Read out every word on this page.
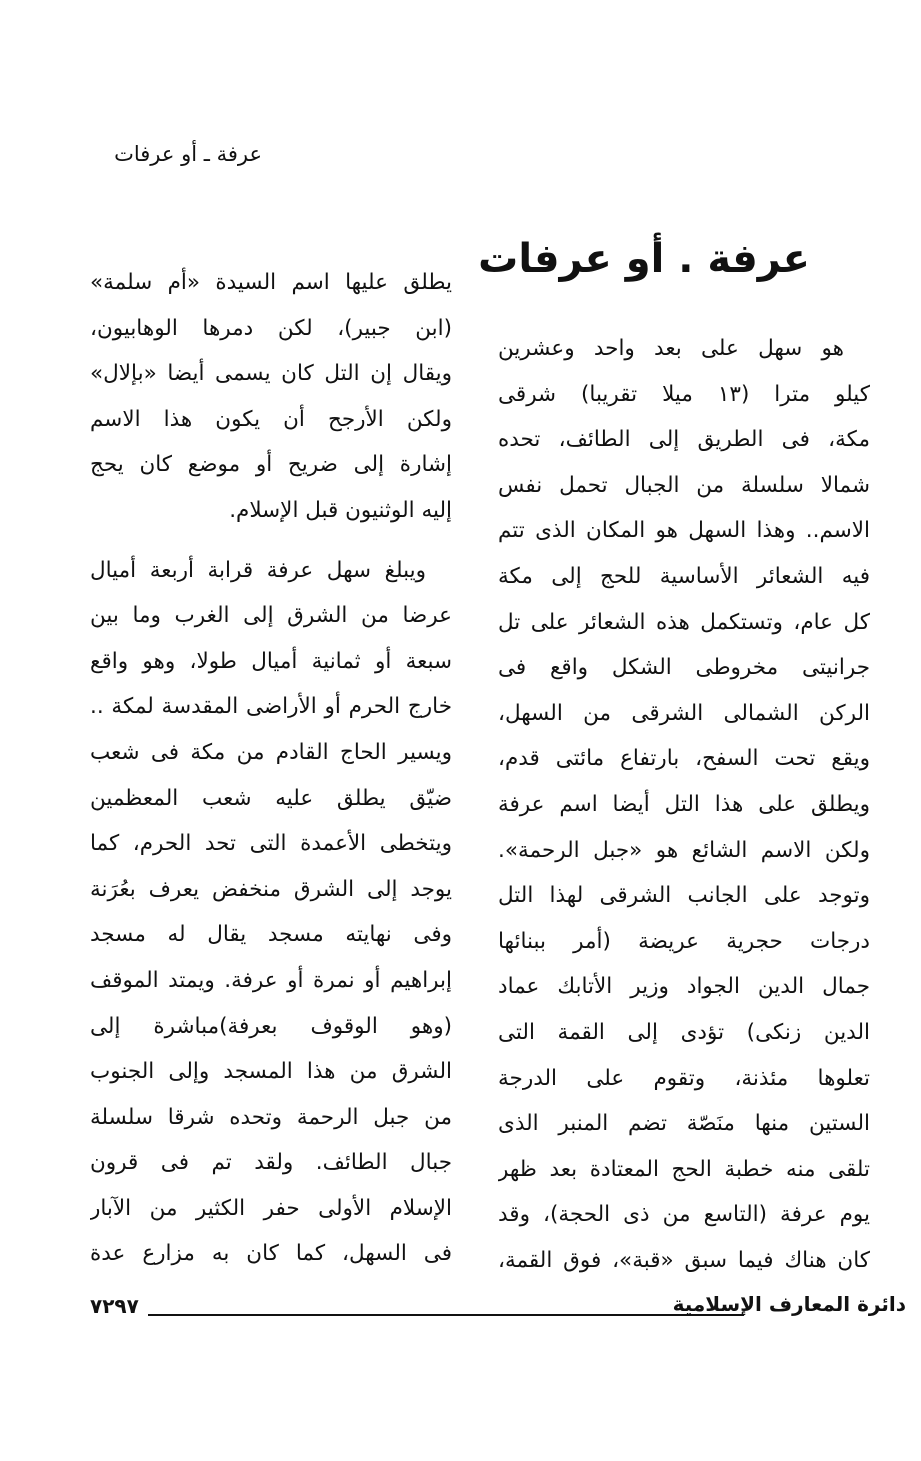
عرفة ـ أو عرفات
عرفة . أو عرفات
هو سهل على بعد واحد وعشرين
كيلو مترا (١٣ ميلا تقريبا) شرقى
مكة، فى الطريق إلى الطائف، تحده
شمالا سلسلة من الجبال تحمل نفس
الاسم.. وهذا السهل هو المكان الذى تتم
فيه الشعائر الأساسية للحج إلى مكة
كل عام، وتستكمل هذه الشعائر على تل
جرانيتى مخروطى الشكل واقع فى
الركن الشمالى الشرقى من السهل،
ويقع تحت السفح، بارتفاع مائتى قدم،
ويطلق على هذا التل أيضا اسم عرفة
ولكن الاسم الشائع هو «جبل الرحمة».
وتوجد على الجانب الشرقى لهذا التل
درجات حجرية عريضة (أمر ببنائها
جمال الدين الجواد وزير الأتابك عماد
الدين زنكى) تؤدى إلى القمة التى
تعلوها مئذنة، وتقوم على الدرجة
الستين منها منَصّة تضم المنبر الذى
تلقى منه خطبة الحج المعتادة بعد ظهر
يوم عرفة (التاسع من ذى الحجة)، وقد
كان هناك فيما سبق «قبة»، فوق القمة،
يطلق عليها اسم السيدة «أم سلمة»
(ابن جبير)، لكن دمرها الوهابيون،
ويقال إن التل كان يسمى أيضا «بإلال»
ولكن الأرجح أن يكون هذا الاسم
إشارة إلى ضريح أو موضع كان يحج
إليه الوثنيون قبل الإسلام.
ويبلغ سهل عرفة قرابة أربعة أميال
عرضا من الشرق إلى الغرب وما بين
سبعة أو ثمانية أميال طولا، وهو واقع
خارج الحرم أو الأراضى المقدسة لمكة ..
ويسير الحاج القادم من مكة فى شعب
ضيّق يطلق عليه شعب المعظمين
ويتخطى الأعمدة التى تحد الحرم، كما
يوجد إلى الشرق منخفض يعرف بعُرَنة
وفى نهايته مسجد يقال له مسجد
إبراهيم أو نمرة أو عرفة. ويمتد الموقف
(وهو الوقوف بعرفة)مباشرة إلى
الشرق من هذا المسجد وإلى الجنوب
من جبل الرحمة وتحده شرقا سلسلة
جبال الطائف. ولقد تم فى قرون
الإسلام الأولى حفر الكثير من الآبار
فى السهل، كما كان به مزارع عدة
٧٢٩٧	دائرة المعارف الإسلامية
